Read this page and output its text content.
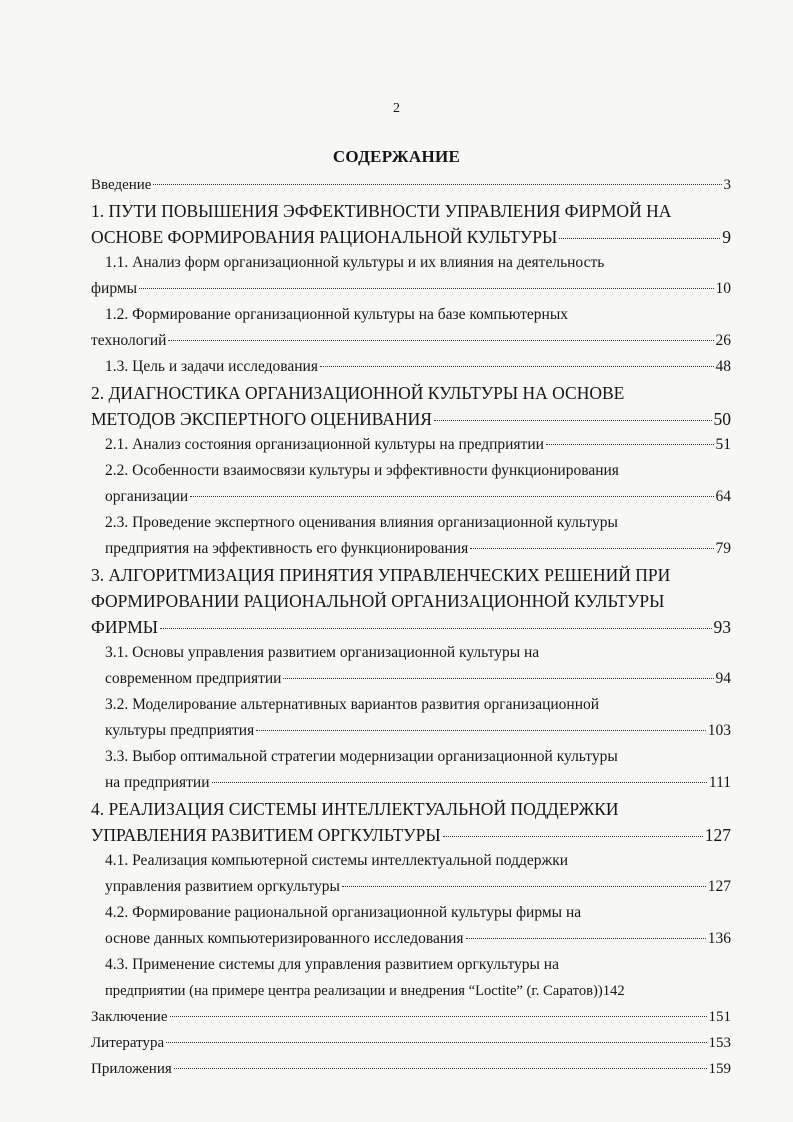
2
СОДЕРЖАНИЕ
Введение	3
1. ПУТИ ПОВЫШЕНИЯ ЭФФЕКТИВНОСТИ УПРАВЛЕНИЯ ФИРМОЙ НА
ОСНОВЕ ФОРМИРОВАНИЯ РАЦИОНАЛЬНОЙ КУЛЬТУРЫ	9
1.1. Анализ форм организационной культуры и их влияния на деятельность
фирмы	10
1.2. Формирование организационной культуры на базе компьютерных
технологий	26
1.3. Цель и задачи исследования	48
2. ДИАГНОСТИКА ОРГАНИЗАЦИОННОЙ КУЛЬТУРЫ НА ОСНОВЕ
МЕТОДОВ ЭКСПЕРТНОГО ОЦЕНИВАНИЯ	50
2.1. Анализ состояния организационной культуры на предприятии	51
2.2. Особенности взаимосвязи культуры и эффективности функционирования
организации	64
2.3. Проведение экспертного оценивания влияния организационной культуры
предприятия на эффективность его функционирования	79
3. АЛГОРИТМИЗАЦИЯ ПРИНЯТИЯ УПРАВЛЕНЧЕСКИХ РЕШЕНИЙ ПРИ
ФОРМИРОВАНИИ РАЦИОНАЛЬНОЙ ОРГАНИЗАЦИОННОЙ КУЛЬТУРЫ
ФИРМЫ	93
3.1. Основы управления развитием организационной культуры на
современном предприятии	94
3.2. Моделирование альтернативных вариантов развития организационной
культуры предприятия	103
3.3. Выбор оптимальной стратегии модернизации организационной культуры
на предприятии	111
4. РЕАЛИЗАЦИЯ СИСТЕМЫ ИНТЕЛЛЕКТУАЛЬНОЙ ПОДДЕРЖКИ
УПРАВЛЕНИЯ РАЗВИТИЕМ ОРГКУЛЬТУРЫ	127
4.1. Реализация компьютерной системы интеллектуальной поддержки
управления развитием оргкультуры	127
4.2. Формирование рациональной организационной культуры фирмы на
основе данных компьютеризированного исследования	136
4.3. Применение системы для управления развитием оргкультуры на
предприятии (на примере центра реализации и внедрения “Loctite” (г. Саратов)) 142
Заключение	151
Литература	153
Приложения	159
